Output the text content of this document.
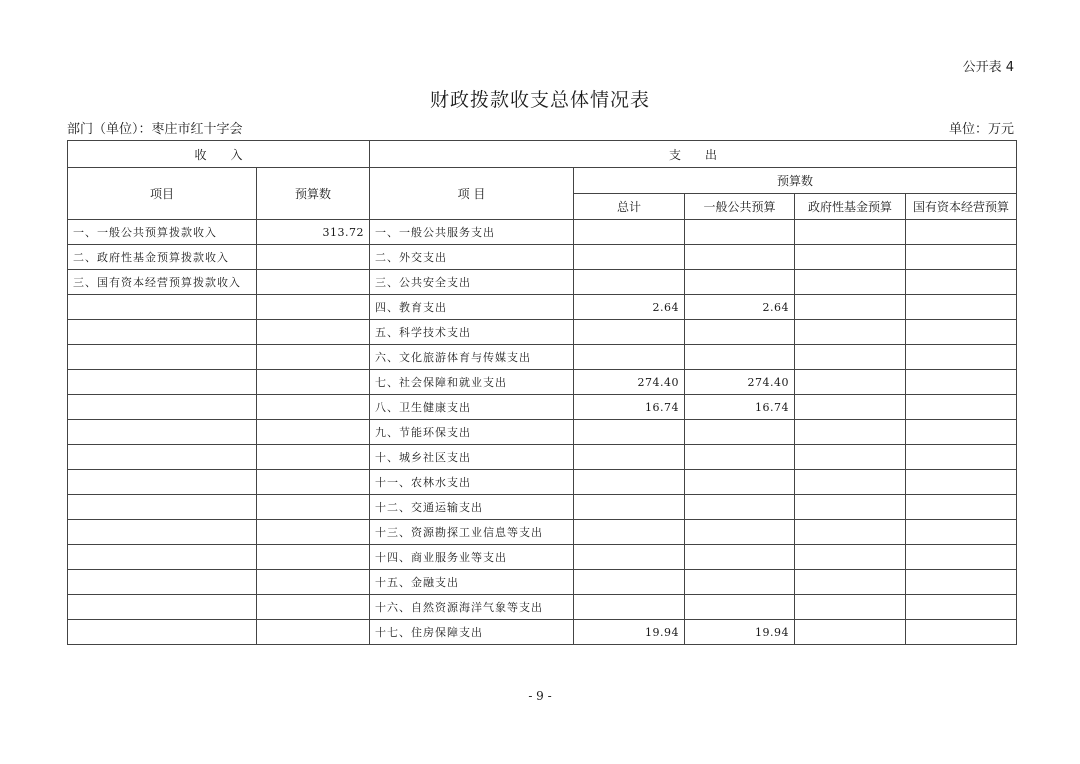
公开表 4
财政拨款收支总体情况表
部门（单位）：枣庄市红十字会	单位：万元
收　　入		支　　出				
项目	预算数	项 目	预算数			
			总计	一般公共预算	政府性基金预算	国有资本经营预算
一、一般公共预算拨款收入	313.72	一、一般公共服务支出				
二、政府性基金预算拨款收入		二、外交支出				
三、国有资本经营预算拨款收入		三、公共安全支出				
		四、教育支出	2.64	2.64		
		五、科学技术支出				
		六、文化旅游体育与传媒支出				
		七、社会保障和就业支出	274.40	274.40		
		八、卫生健康支出	16.74	16.74		
		九、节能环保支出				
		十、城乡社区支出				
		十一、农林水支出				
		十二、交通运输支出				
		十三、资源勘探工业信息等支出				
		十四、商业服务业等支出				
		十五、金融支出				
		十六、自然资源海洋气象等支出				
		十七、住房保障支出	19.94	19.94		
- 9 -
